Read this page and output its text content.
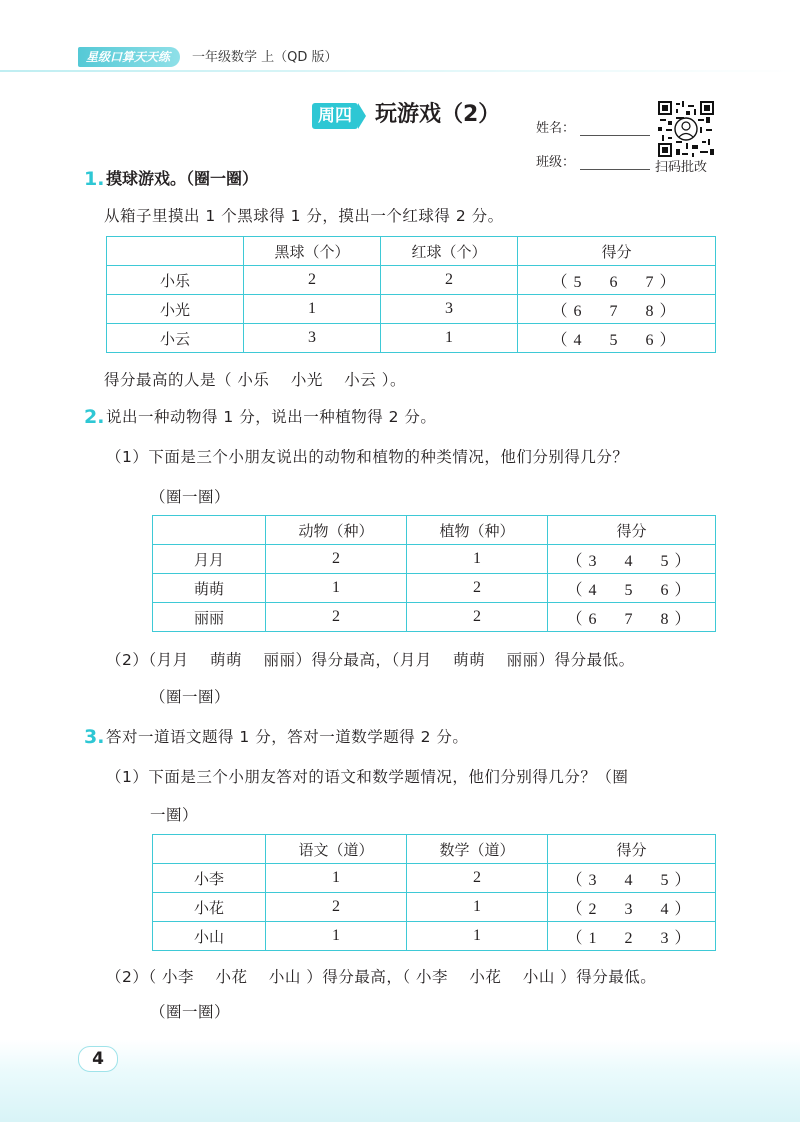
星级口算天天练	一年级数学 上（QD 版）
周四 玩游戏（2）
姓名：
班级：	扫码批改
1. 摸球游戏。（圈一圈）
从箱子里摸出 1 个黑球得 1 分，摸出一个红球得 2 分。
	黑球（个）	红球（个）	得分
小乐	2	2	（5　6　7）
小光	1	3	（6　7　8）
小云	3	1	（4　5　6）
得分最高的人是（ 小乐　 小光　 小云 ）。
2. 说出一种动物得 1 分，说出一种植物得 2 分。
（1）下面是三个小朋友说出的动物和植物的种类情况，他们分别得几分？
（圈一圈）
	动物（种）	植物（种）	得分
月月	2	1	（3　4　5）
萌萌	1	2	（4　5　6）
丽丽	2	2	（6　7　8）
（2）（月月　 萌萌　 丽丽）得分最高，（月月　 萌萌　 丽丽）得分最低。
（圈一圈）
3. 答对一道语文题得 1 分，答对一道数学题得 2 分。
（1）下面是三个小朋友答对的语文和数学题情况，他们分别得几分？（圈
一圈）
	语文（道）	数学（道）	得分
小李	1	2	（3　4　5）
小花	2	1	（2　3　4）
小山	1	1	（1　2　3）
（2）（ 小李　 小花　 小山 ）得分最高，（ 小李　 小花　 小山 ）得分最低。
（圈一圈）
4
